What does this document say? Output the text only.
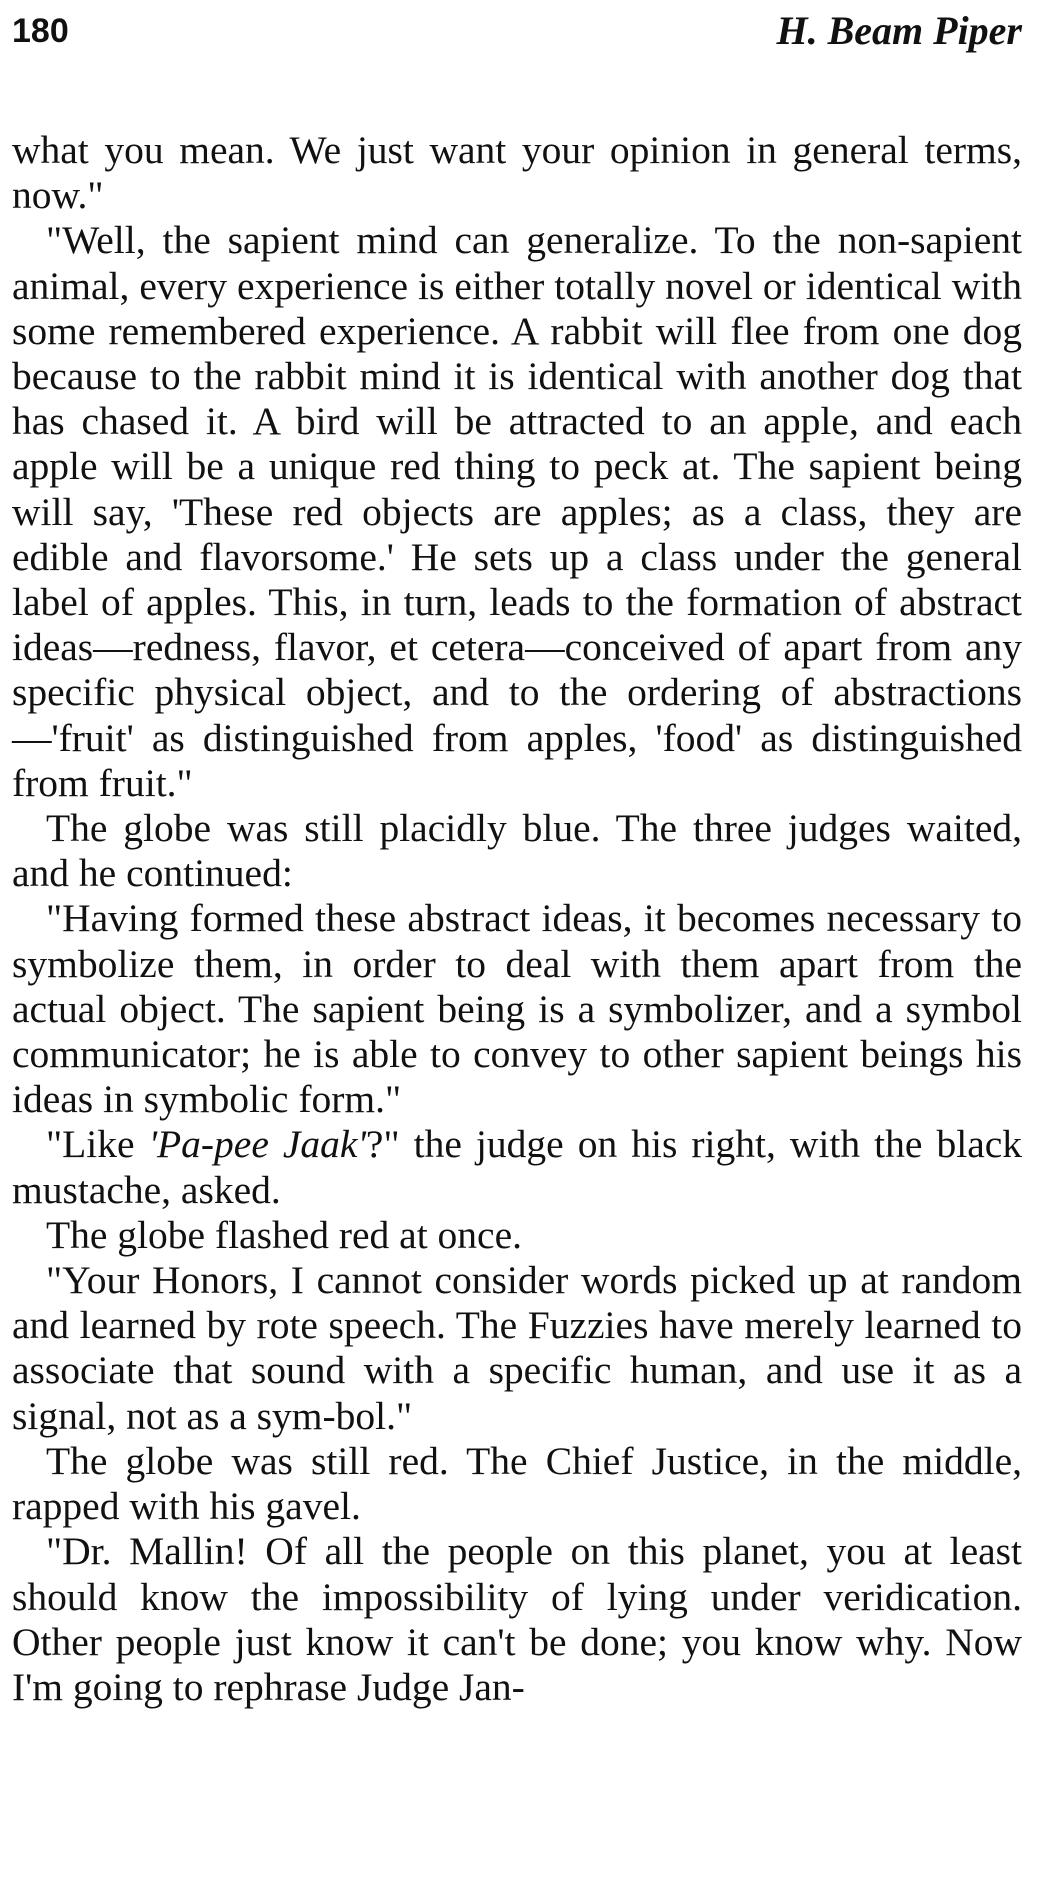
180	H. Beam Piper

what you mean. We just want your opinion in general terms, now."

"Well, the sapient mind can generalize. To the non-sapient animal, every experience is either totally novel or identical with some remembered experience. A rabbit will flee from one dog because to the rabbit mind it is identical with another dog that has chased it. A bird will be attracted to an apple, and each apple will be a unique red thing to peck at. The sapient being will say, 'These red objects are apples; as a class, they are edible and flavorsome.' He sets up a class under the general label of apples. This, in turn, leads to the formation of abstract ideas—redness, flavor, et cetera—conceived of apart from any specific physical object, and to the ordering of abstractions—'fruit' as distinguished from apples, 'food' as distinguished from fruit."

The globe was still placidly blue. The three judges waited, and he continued:

"Having formed these abstract ideas, it becomes necessary to symbolize them, in order to deal with them apart from the actual object. The sapient being is a symbolizer, and a symbol communicator; he is able to convey to other sapient beings his ideas in symbolic form."

"Like 'Pa-pee Jaak'?" the judge on his right, with the black mustache, asked.

The globe flashed red at once.

"Your Honors, I cannot consider words picked up at random and learned by rote speech. The Fuzzies have merely learned to associate that sound with a specific human, and use it as a signal, not as a sym-bol."

The globe was still red. The Chief Justice, in the middle, rapped with his gavel.

"Dr. Mallin! Of all the people on this planet, you at least should know the impossibility of lying under veridication. Other people just know it can't be done; you know why. Now I'm going to rephrase Judge Jan-
